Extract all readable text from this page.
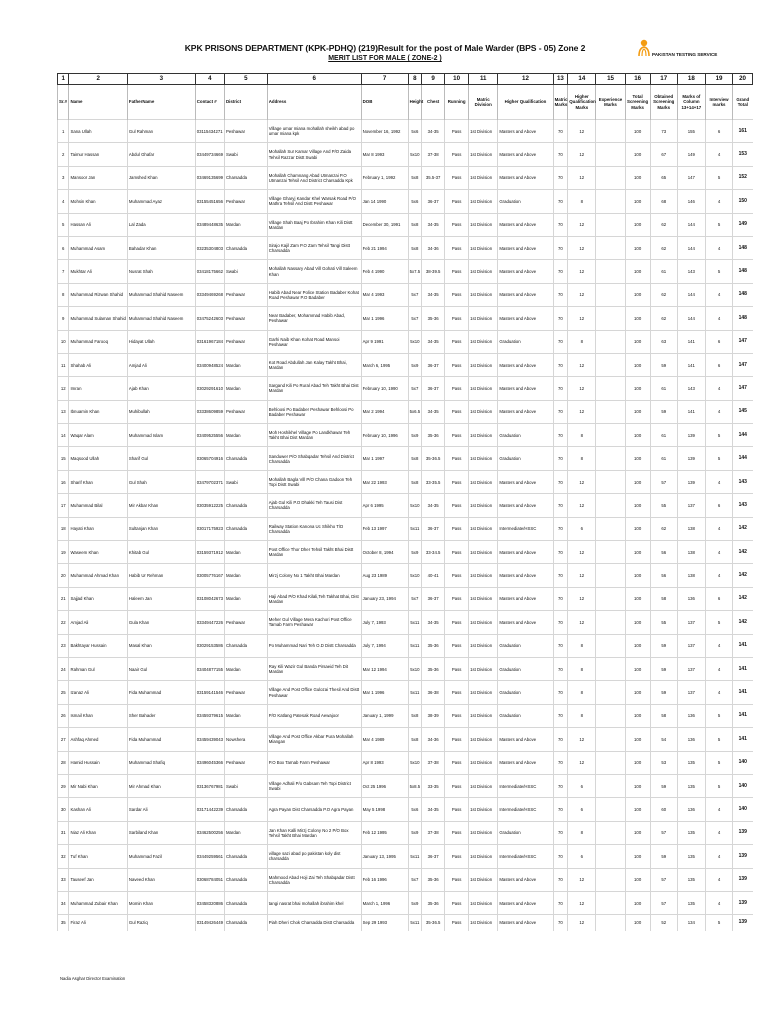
KPK PRISONS DEPARTMENT (KPK-PDHQ) (219)Result for the post of Male Warder (BPS - 05) Zone 2
MERIT LIST FOR MALE ( ZONE-2 )
PAKISTAN TESTING SERVICE
1	2	3	4	5	6	7	8	9	10	11	12	13	14	15	16	17	18	19	20
Sr.#	Name	FatherName	Contact #	District	Address	DOB	Height	Chest	Running	Matric Division	Higher Qualification	Matric Marks	Higher Qualification Marks	Experience Marks	Total Screening Marks	Obtained Screening Marks	Marks of Column 13+14+17	Interview marks	Grand Total
1	Sana Ullah	Gul Rahman	03115434271	Peshawar	Village umar miana mohallah sheikh abad po umar miana kpk	November 16, 1992	5x6	34-35	Pass	1st Division	Masters and Above	70	12		100	73	155	6	161
2	Taimur Hassan	Abdul Ghafar	03449734669	Swabi	Mohallah Sur Kamar Village And P/O Zaida Tehsil Razzar Distt Swabi	Mar 8 1993	5x10	37-38	Pass	1st Division	Masters and Above	70	12		100	67	149	4	153
3	Mansoor Jan	Jamshed Khan	03469135699	Charsadda	Mohallah Chamnang Abad Utmanzai P.O Utmanzai Tehsil And District Charsadda Kpk	February 1, 1992	5x8	35.5-37	Pass	1st Division	Masters and Above	70	12		100	65	147	5	152
4	Mohsin Khan	Muhammad Ayaz	03155451656	Peshawar	Village Gharyj Kandar Khel Warsak Road P/O Mathra Tehsil And Distt Peshawar	Jan 14 1990	5x6	36-37	Pass	1st Division	Graduation	70	8		100	68	146	4	150
5	Hassan Ali	Lal Zada	03489448635	Mardan	Village Shah Baaj Po Ibrahim Khan Kili Distt Mardan	December 30, 1991	5x8	34-35	Pass	1st Division	Masters and Above	70	12		100	62	144	5	149
6	Muhammad Asam	Bahadar Khan	03235304803	Charsadda	Sirajo Kajil Zam P.O Zam Tehsil Tangi Distt Charsadda	Feb 21 1994	5x8	34-36	Pass	1st Division	Masters and Above	70	12		100	62	144	4	148
7	Mukhtar Ali	Nusrat Shah	03418175662	Swabi	Mohallah Nassary Abad Vill Gohati Vill Saleem Khan	Feb 4 1990	5x7.5	38-39.5	Pass	1st Division	Masters and Above	70	12		100	61	143	5	148
8	Muhammad Rizwan Shahid	Muhammad Shahid Naseem	03349469268	Peshawar	Habib Abad Near Police Station Badaber Kohat Road Peshawar P.O Badaber	Mar 4 1993	5x7	34-35	Pass	1st Division	Masters and Above	70	12		100	62	144	4	148
9	Muhammad Sulaman Shahid	Muhammad Shahid Naseem	03475242603	Peshawar	Near Badaber, Mohammad Habib Abad, Peshawar	Mar 1 1996	5x7	35-36	Pass	1st Division	Masters and Above	70	12		100	62	144	4	148
10	Muhammad Farooq	Hidayat Ullah	03161967184	Peshawar	Garhi Naib Khan Kohat Road Mansoi Peshawar	Apr 9 1991	5x10	34-35	Pass	1st Division	Graduation	70	8		100	63	141	6	147
11	Shahab Ali	Amjad Ali	03400948524	Mardan	Kot Road Abdullah Jan Kalay Takht Bhai, Mardan	March 6, 1995	5x9	36-37	Pass	1st Division	Masters and Above	70	12		100	59	141	6	147
12	Imran	Ajab Khan	03029291610	Mardan	Sargand Kili Po Rural Abad Teh Takht Bhai Dist Mardan	February 10, 1990	5x7	36-37	Pass	1st Division	Masters and Above	70	12		100	61	143	4	147
13	Ibnuamin Khan	Muhibullah	03338609859	Peshawar	Behloosi Po Badaber Peshawar Behloosi Po Badaber Peshawar	Mar 2 1994	5x6.5	34-35	Pass	1st Division	Masters and Above	70	12		100	59	141	4	145
14	Waqar Alam	Muhammad Islam	03409525556	Mardan	Moh Hoshikhel Village Po Landkhawar Teh Takht Bhai Dist Mardan	February 10, 1996	5x9	35-36	Pass	1st Division	Graduation	70	8		100	61	139	5	144
15	Maqsood Ullah	Sharif Gul	03065704916	Charsadda	Sanduwer P/O Shabqadar Tehsil And District Charsadda	Mar 1 1997	5x8	35-36.5	Pass	1st Division	Graduation	70	8		100	61	139	5	144
16	Sharif Khan	Gul Shah	03479702371	Swabi	Mohallah Bagla Vill P/O Chana Gadoon Teh Topi Distt Swabi	Mar 22 1993	5x8	33-35.5	Pass	1st Division	Masters and Above	70	12		100	57	139	4	143
17	Muhammad Bilal	Mir Akbar Khan	03035912225	Charsadda	Ajab Gul Kili P.O Dhakki Teh Tausi Dist Charsadda	Apr 6 1995	5x10	34-35	Pass	1st Division	Masters and Above	70	12		100	55	137	6	143
18	Hayati Khan	Sultanjan Khan	03017175923	Charsadda	Railway Station Kanona Uc Shikho T/D Charsadda	Feb 13 1997	5x11	36-37	Pass	1st Division	Intermediate/HSSC	70	6		100	62	138	4	142
19	Waseem Khan	Khitab Gul	03159371912	Mardan	Post Office Thor Dher Tehsil Takht Bhai Distt Mardan	October 8, 1994	5x9	33-34.5	Pass	1st Division	Masters and Above	70	12		100	56	138	4	142
20	Muhammad Ahmad Khan	Habib Ur Rehman	03005776167	Mardan	Mirzj Colony No 1 Takht Bhai Mardan	Aug 23 1989	5x10	40-41	Pass	1st Division	Masters and Above	70	12		100	56	138	4	142
21	Sajjad Khan	Haleem Jan	03108042673	Mardan	Haji Abad P/O Khad Kilali,Teh Takhat Bhai, Dist Mardan	January 23, 1994	5x7	36-37	Pass	1st Division	Masters and Above	70	12		100	58	136	6	142
22	Amjad Ali	Gula Khan	03349447226	Peshawar	Meher Gul Village Mera Kachori Post Office Tamab Farm Peshawar	July 7, 1993	5x11	34-35	Pass	1st Division	Masters and Above	70	12		100	55	137	5	142
23	Bakhtayar Hussain	Masal Khan	03029153586	Charsadda	Po Muhammad Nari Teh O.D Distt Charsadda	July 7, 1994	5x11	35-36	Pass	1st Division	Graduation	70	8		100	59	137	4	141
24	Rahman Gul	Naair Gul	03404877155	Mardan	Ray Kili Wazir Gul Banda Pirsaeid Teh Dit Mardan	Mar 12 1994	5x10	35-36	Pass	1st Division	Graduation	70	8		100	59	137	4	141
25	Izanaz Ali	Fida Muhammad	03159141546	Peshawar	Village And Post Office Gulozai Thesil And Distt Peshawar	Mar 1 1996	5x11	36-38	Pass	1st Division	Graduation	70	8		100	59	137	4	141
26	Ismail Khan	Sher Bahader	03459379615	Mardan	P/O Katlang Patesak Road Aewajoor	January 1, 1999	5x8	38-39	Pass	1st Division	Graduation	70	8		100	58	136	5	141
27	Ashfaq Ahmed	Fida Muhammad	03459439043	Nowshera	Village And Post Office Akbar Pura Mohallah Miangan	Mar 4 1989	5x8	34-36	Pass	1st Division	Masters and Above	70	12		100	54	136	5	141
28	Hamid Hussain	Muhammad Shafiq	03496045366	Peshawar	P.O Box Tarnab Farm Peshawar	Apr 8 1993	5x10	37-38	Pass	1st Division	Masters and Above	70	12		100	53	135	5	140
29	Mir Nabi Khan	Mir Ahmad Khan	03136767981	Swabi	Village Adhali P/o Gabsam Teh Topi District Swabi	Oct 25 1996	5x8.5	33-35	Pass	1st Division	Intermediate/HSSC	70	6		100	59	135	5	140
30	Kashan Ali	Sardar Ali	03171442239	Charsadda	Agra Payan Dist Charsadda P.O Agra Payan	May 5 1998	5x6	34-35	Pass	1st Division	Intermediate/HSSC	70	6		100	60	136	4	140
31	Niaz Ali Khan	Sarbiland Khan	03462500256	Mardan	Jan Khan Kalli Mirzj Colony No 2 P/O Box Tehsil Takht Bhai Mardan	Feb 12 1995	5x9	37-38	Pass	1st Division	Graduation	70	8		100	57	135	4	139
32	Tuf Khan	Muhammad Fazil	03449259561	Charsadda	village sazi abad po pakistan koly dist charsadda	January 13, 1995	5x11	36-37	Pass	1st Division	Intermediate/HSSC	70	6		100	59	135	4	139
33	Tauseef Jan	Naveed Khan	03068784051	Charsadda	Mahmood Abad Hoji Zai Teh Shabqadar Distt Charsadda	Feb 16 1996	5x7	35-36	Pass	1st Division	Masters and Above	70	12		100	57	135	4	139
34	Muhammad Zubair Khan	Momin Khan	03458320886	Charsadda	tangi nasrat bhai mohallah ibrahim khel	March 1, 1996	5x9	35-36	Pass	1st Division	Masters and Above	70	12		100	57	135	4	139
35	Firaz Ali	Gul Raziq	03149426449	Charsadda	Piah Dheri Chok Charsadda Distt Charsadda	Sep 29 1993	5x11	35-36.5	Pass	1st Division	Masters and Above	70	12		100	52	134	5	139
Nadia Asghar Director Examination
